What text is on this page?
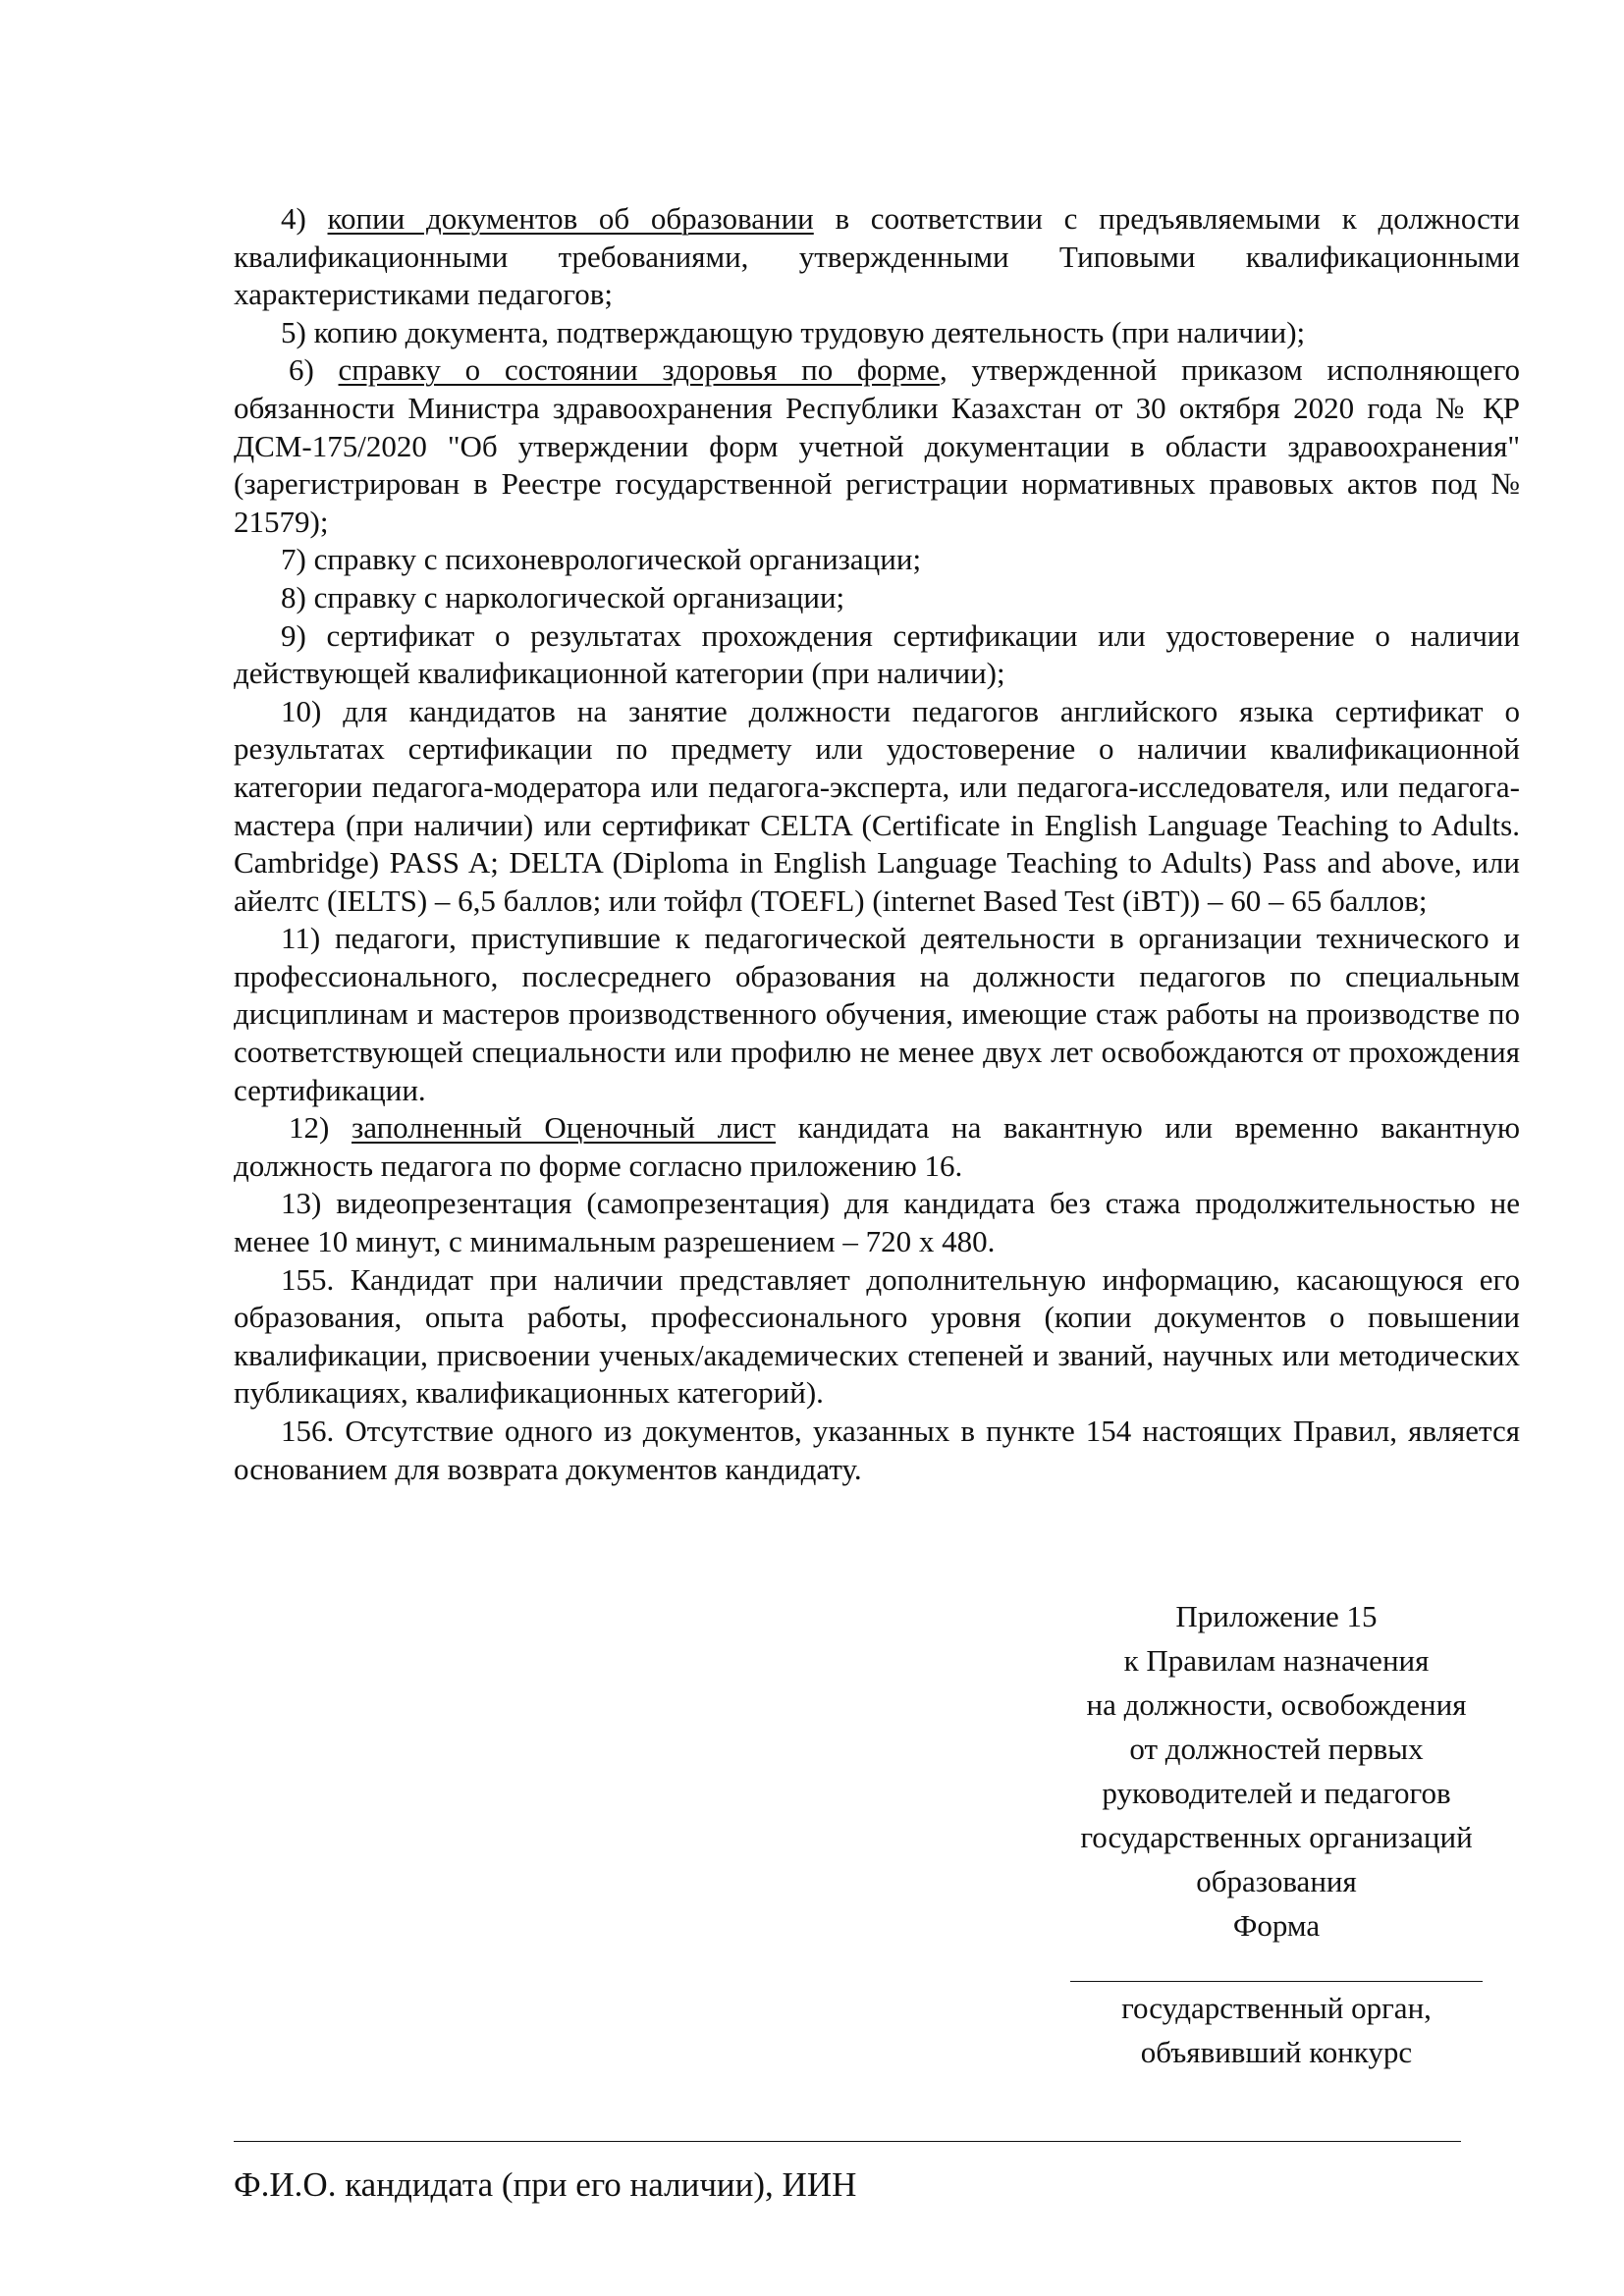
4) копии документов об образовании в соответствии с предъявляемыми к должности квалификационными требованиями, утвержденными Типовыми квалификационными характеристиками педагогов;

5) копию документа, подтверждающую трудовую деятельность (при наличии);

6) справку о состоянии здоровья по форме, утвержденной приказом исполняющего обязанности Министра здравоохранения Республики Казахстан от 30 октября 2020 года № ҚР ДСМ-175/2020 "Об утверждении форм учетной документации в области здравоохранения" (зарегистрирован в Реестре государственной регистрации нормативных правовых актов под № 21579);

7) справку с психоневрологической организации;

8) справку с наркологической организации;

9) сертификат о результатах прохождения сертификации или удостоверение о наличии действующей квалификационной категории (при наличии);

10) для кандидатов на занятие должности педагогов английского языка сертификат о результатах сертификации по предмету или удостоверение о наличии квалификационной категории педагога-модератора или педагога-эксперта, или педагога-исследователя, или педагога-мастера (при наличии) или сертификат CELTA (Certificate in English Language Teaching to Adults. Cambridge) PASS A; DELTA (Diploma in English Language Teaching to Adults) Pass and above, или айелтс (IELTS) – 6,5 баллов; или тойфл (TOEFL) (internet Based Test (iBT)) – 60 – 65 баллов;

11) педагоги, приступившие к педагогической деятельности в организации технического и профессионального, послесреднего образования на должности педагогов по специальным дисциплинам и мастеров производственного обучения, имеющие стаж работы на производстве по соответствующей специальности или профилю не менее двух лет освобождаются от прохождения сертификации.

12) заполненный Оценочный лист кандидата на вакантную или временно вакантную должность педагога по форме согласно приложению 16.

13) видеопрезентация (самопрезентация) для кандидата без стажа продолжительностью не менее 10 минут, с минимальным разрешением – 720 х 480.

155. Кандидат при наличии представляет дополнительную информацию, касающуюся его образования, опыта работы, профессионального уровня (копии документов о повышении квалификации, присвоении ученых/академических степеней и званий, научных или методических публикациях, квалификационных категорий).

156. Отсутствие одного из документов, указанных в пункте 154 настоящих Правил, является основанием для возврата документов кандидату.

Приложение 15
к Правилам назначения
на должности, освобождения
от должностей первых
руководителей и педагогов
государственных организаций
образования
Форма
государственный орган,
объявивший конкурс
Ф.И.О. кандидата (при его наличии), ИИН
